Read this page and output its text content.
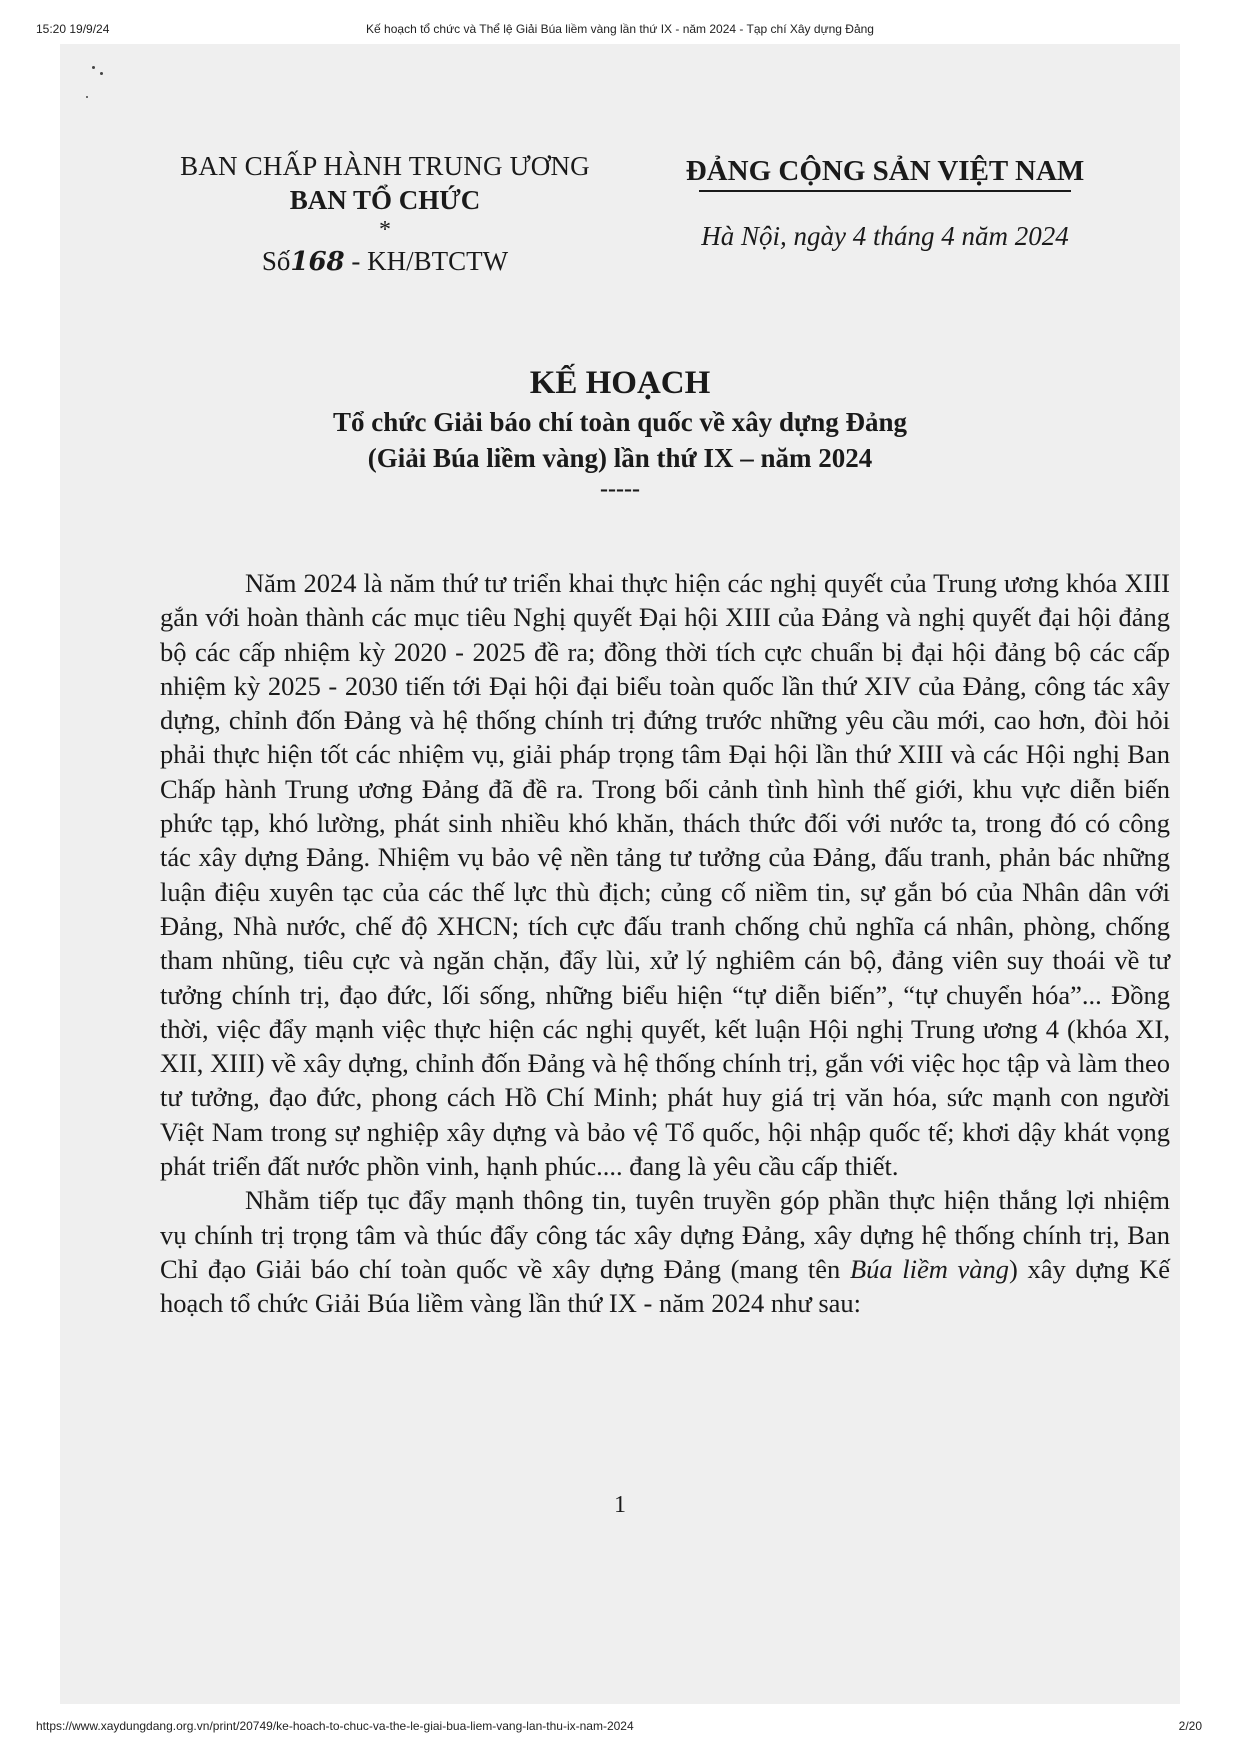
15:20 19/9/24	Kế hoạch tổ chức và Thể lệ Giải Búa liềm vàng lần thứ IX - năm 2024 - Tạp chí Xây dựng Đảng
BAN CHẤP HÀNH TRUNG ƯƠNG
BAN TỔ CHỨC
*
Số168 - KH/BTCTW
ĐẢNG CỘNG SẢN VIỆT NAM
Hà Nội, ngày 4 tháng 4 năm 2024
KẾ HOẠCH
Tổ chức Giải báo chí toàn quốc về xây dựng Đảng
(Giải Búa liềm vàng) lần thứ IX – năm 2024
-----

Năm 2024 là năm thứ tư triển khai thực hiện các nghị quyết của Trung ương khóa XIII gắn với hoàn thành các mục tiêu Nghị quyết Đại hội XIII của Đảng và nghị quyết đại hội đảng bộ các cấp nhiệm kỳ 2020 - 2025 đề ra; đồng thời tích cực chuẩn bị đại hội đảng bộ các cấp nhiệm kỳ 2025 - 2030 tiến tới Đại hội đại biểu toàn quốc lần thứ XIV của Đảng, công tác xây dựng, chỉnh đốn Đảng và hệ thống chính trị đứng trước những yêu cầu mới, cao hơn, đòi hỏi phải thực hiện tốt các nhiệm vụ, giải pháp trọng tâm Đại hội lần thứ XIII và các Hội nghị Ban Chấp hành Trung ương Đảng đã đề ra. Trong bối cảnh tình hình thế giới, khu vực diễn biến phức tạp, khó lường, phát sinh nhiều khó khăn, thách thức đối với nước ta, trong đó có công tác xây dựng Đảng. Nhiệm vụ bảo vệ nền tảng tư tưởng của Đảng, đấu tranh, phản bác những luận điệu xuyên tạc của các thế lực thù địch; củng cố niềm tin, sự gắn bó của Nhân dân với Đảng, Nhà nước, chế độ XHCN; tích cực đấu tranh chống chủ nghĩa cá nhân, phòng, chống tham nhũng, tiêu cực và ngăn chặn, đẩy lùi, xử lý nghiêm cán bộ, đảng viên suy thoái về tư tưởng chính trị, đạo đức, lối sống, những biểu hiện “tự diễn biến”, “tự chuyển hóa”... Đồng thời, việc đẩy mạnh việc thực hiện các nghị quyết, kết luận Hội nghị Trung ương 4 (khóa XI, XII, XIII) về xây dựng, chỉnh đốn Đảng và hệ thống chính trị, gắn với việc học tập và làm theo tư tưởng, đạo đức, phong cách Hồ Chí Minh; phát huy giá trị văn hóa, sức mạnh con người Việt Nam trong sự nghiệp xây dựng và bảo vệ Tổ quốc, hội nhập quốc tế; khơi dậy khát vọng phát triển đất nước phồn vinh, hạnh phúc.... đang là yêu cầu cấp thiết.

Nhằm tiếp tục đẩy mạnh thông tin, tuyên truyền góp phần thực hiện thắng lợi nhiệm vụ chính trị trọng tâm và thúc đẩy công tác xây dựng Đảng, xây dựng hệ thống chính trị, Ban Chỉ đạo Giải báo chí toàn quốc về xây dựng Đảng (mang tên Búa liềm vàng) xây dựng Kế hoạch tổ chức Giải Búa liềm vàng lần thứ IX - năm 2024 như sau:

1
https://www.xaydungdang.org.vn/print/20749/ke-hoach-to-chuc-va-the-le-giai-bua-liem-vang-lan-thu-ix-nam-2024	2/20
